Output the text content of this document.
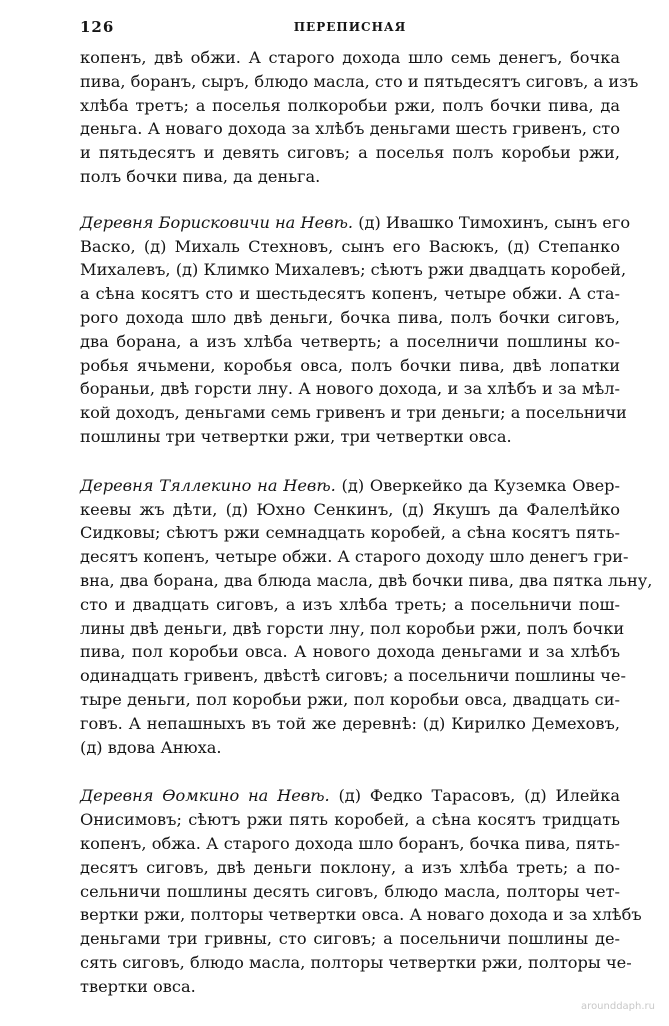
126	ПЕРЕПИСНАЯ
копенъ, двѣ обжи. А старого дохода шло семь денегъ, бочка
пива, боранъ, сыръ, блюдо масла, сто и пятьдесятъ сиговъ, а изъ
хлѣба третъ; а поселья полкоробьи ржи, полъ бочки пива, да
деньга. А новаго дохода за хлѣбъ деньгами шесть гривенъ, сто
и пятьдесятъ и девять сиговъ; а поселья полъ коробьи ржи,
полъ бочки пива, да деньга.
Деревня Борисковичи на Невѣ. (д) Ивашко Тимохинъ, сынъ его
Васко, (д) Михаль Стехновъ, сынъ его Васюкъ, (д) Степанко
Михалевъ, (д) Климко Михалевъ; сѣютъ ржи двадцать коробей,
а сѣна косятъ сто и шестьдесятъ копенъ, четыре обжи. А ста-
рого дохода шло двѣ деньги, бочка пива, полъ бочки сиговъ,
два борана, а изъ хлѣба четверть; а поселничи пошлины ко-
робья ячьмени, коробья овса, полъ бочки пива, двѣ лопатки
бораньи, двѣ горсти лну. А нового дохода, и за хлѣбъ и за мѣл-
кой доходъ, деньгами семь гривенъ и три деньги; а посельничи
пошлины три четвертки ржи, три четвертки овса.
Деревня Тяллекино на Невѣ. (д) Оверкейко да Куземка Овер-
кеевы жъ дѣти, (д) Юхно Сенкинъ, (д) Якушъ да Фалелѣйко
Сидковы; сѣютъ ржи семнадцать коробей, а сѣна косятъ пять-
десятъ копенъ, четыре обжи. А старого доходу шло денегъ гри-
вна, два борана, два блюда масла, двѣ бочки пива, два пятка льну,
сто и двадцать сиговъ, а изъ хлѣба треть; а посельничи пош-
лины двѣ деньги, двѣ горсти лну, пол коробьи ржи, полъ бочки
пива, пол коробьи овса. А нового дохода деньгами и за хлѣбъ
одинадцать гривенъ, двѣстѣ сиговъ; а посельничи пошлины че-
тыре деньги, пол коробьи ржи, пол коробьи овса, двадцать си-
говъ. А непашныхъ въ той же деревнѣ: (д) Кирилко Демеховъ,
(д) вдова Анюха.
Деревня Ѳомкино на Невѣ. (д) Федко Тарасовъ, (д) Илейка
Онисимовъ; сѣютъ ржи пять коробей, а сѣна косятъ тридцать
копенъ, обжа. А старого дохода шло боранъ, бочка пива, пять-
десятъ сиговъ, двѣ деньги поклону, а изъ хлѣба треть; а по-
сельничи пошлины десять сиговъ, блюдо масла, полторы чет-
вертки ржи, полторы четвертки овса. А новаго дохода и за хлѣбъ
деньгами три гривны, сто сиговъ; а посельничи пошлины де-
сять сиговъ, блюдо масла, полторы четвертки ржи, полторы че-
твертки овса.
arounddaph.ru
